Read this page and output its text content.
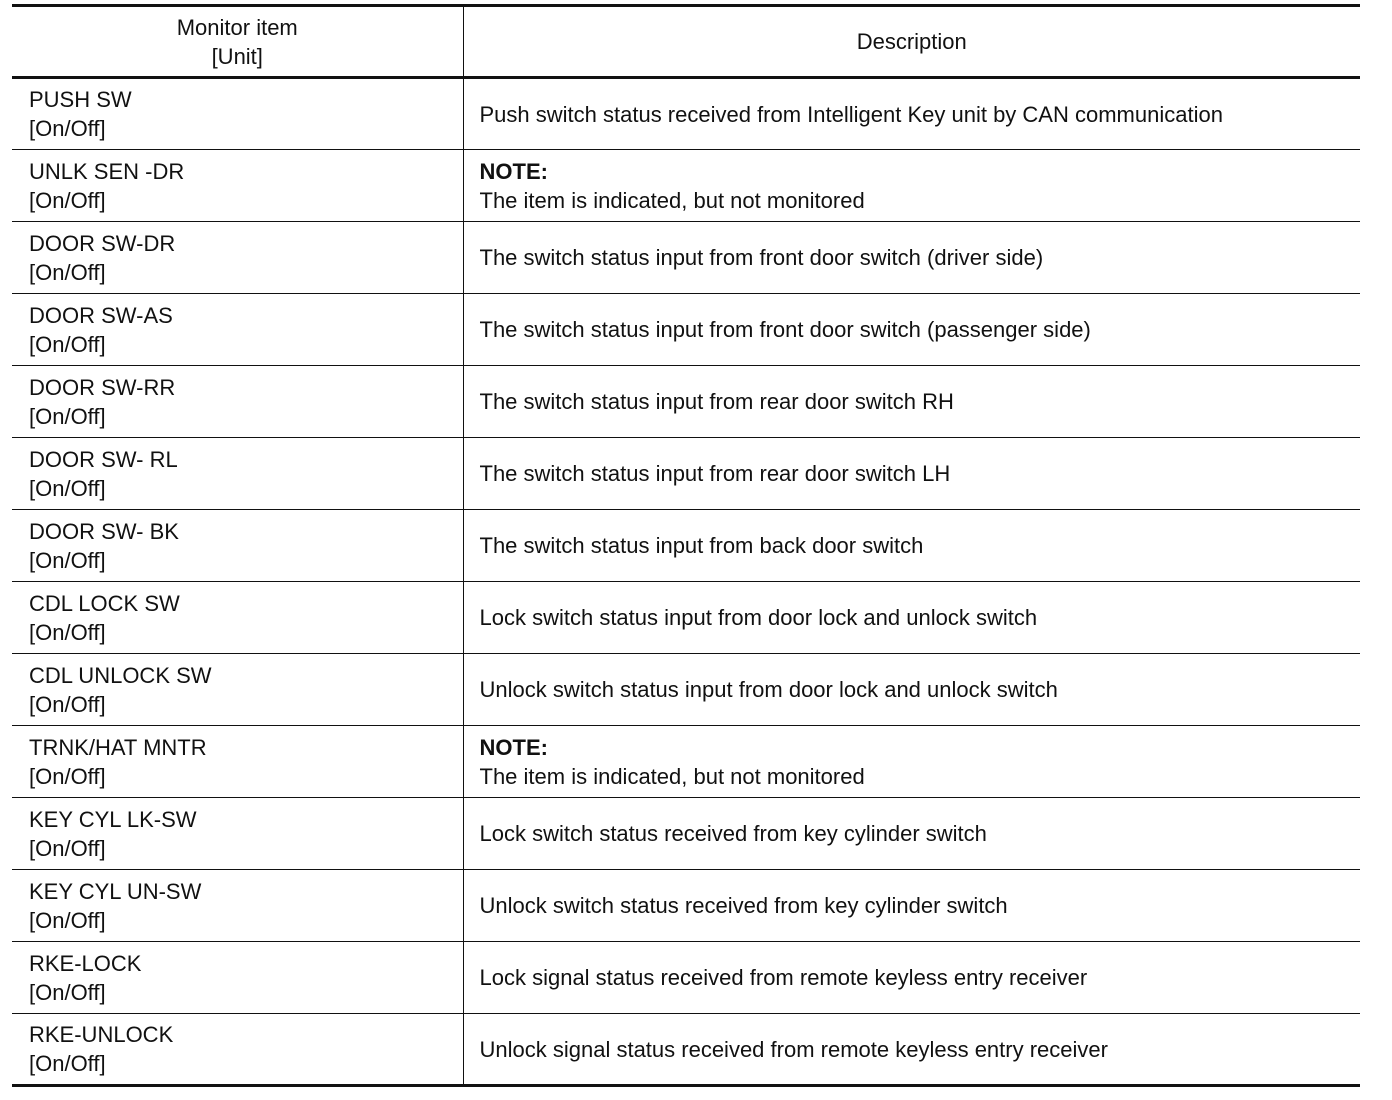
Monitor item
[Unit]	Description

PUSH SW
[On/Off]	Push switch status received from Intelligent Key unit by CAN communication

UNLK SEN -DR
[On/Off]	NOTE:
The item is indicated, but not monitored

DOOR SW-DR
[On/Off]	The switch status input from front door switch (driver side)

DOOR SW-AS
[On/Off]	The switch status input from front door switch (passenger side)

DOOR SW-RR
[On/Off]	The switch status input from rear door switch RH

DOOR SW- RL
[On/Off]	The switch status input from rear door switch LH

DOOR SW- BK
[On/Off]	The switch status input from back door switch

CDL LOCK SW
[On/Off]	Lock switch status input from door lock and unlock switch

CDL UNLOCK SW
[On/Off]	Unlock switch status input from door lock and unlock switch

TRNK/HAT MNTR
[On/Off]	NOTE:
The item is indicated, but not monitored

KEY CYL LK-SW
[On/Off]	Lock switch status received from key cylinder switch

KEY CYL UN-SW
[On/Off]	Unlock switch status received from key cylinder switch

RKE-LOCK
[On/Off]	Lock signal status received from remote keyless entry receiver

RKE-UNLOCK
[On/Off]	Unlock signal status received from remote keyless entry receiver
